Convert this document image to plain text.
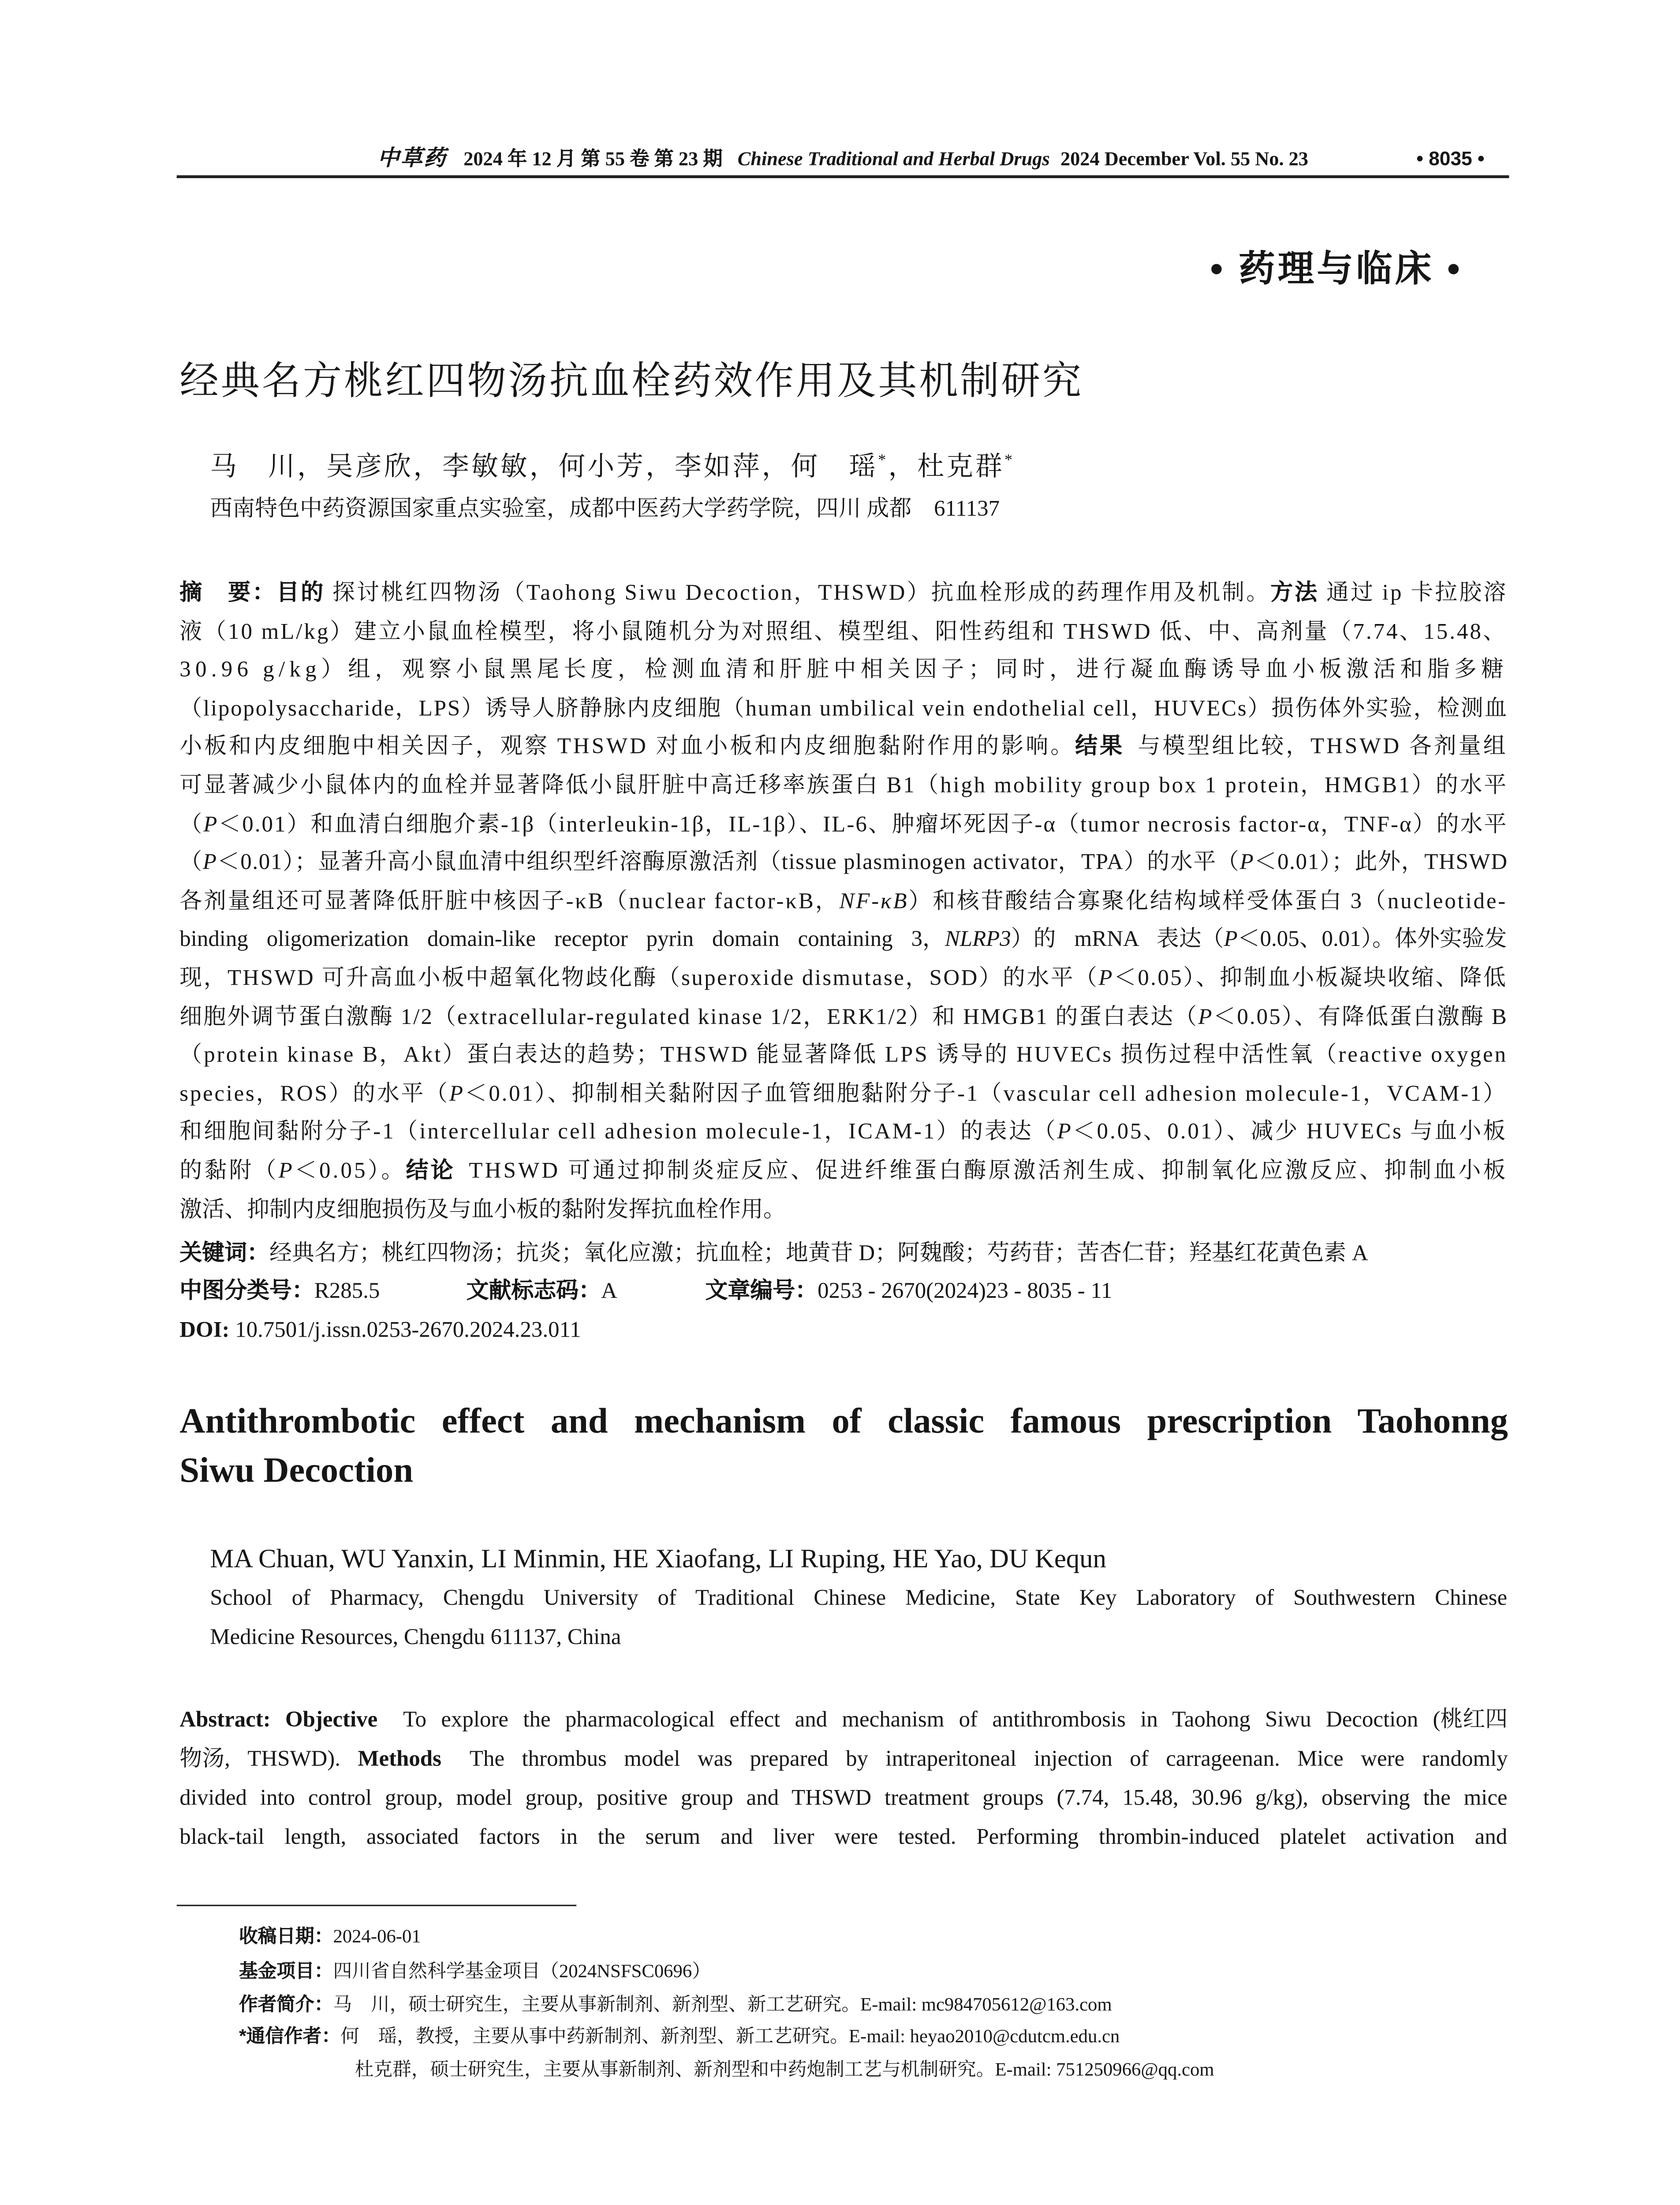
中草药	2024 年 12 月 第 55 卷 第 23 期	Chinese Traditional and Herbal Drugs 2024 December Vol. 55 No. 23	• 8035 •
• 药理与临床 •
经典名方桃红四物汤抗血栓药效作用及其机制研究
马　川，吴彦欣，李敏敏，何小芳，李如萍，何　瑶*，杜克群*
西南特色中药资源国家重点实验室，成都中医药大学药学院，四川 成都　611137
摘　要：目的 探讨桃红四物汤（Taohong Siwu Decoction，THSWD）抗血栓形成的药理作用及机制。方法 通过 ip 卡拉胶溶
液（10 mL/kg）建立小鼠血栓模型，将小鼠随机分为对照组、模型组、阳性药组和 THSWD 低、中、高剂量（7.74、15.48、
30.96 g/kg）组，观察小鼠黑尾长度，检测血清和肝脏中相关因子；同时，进行凝血酶诱导血小板激活和脂多糖
（lipopolysaccharide，LPS）诱导人脐静脉内皮细胞（human umbilical vein endothelial cell，HUVECs）损伤体外实验，检测血
小板和内皮细胞中相关因子，观察 THSWD 对血小板和内皮细胞黏附作用的影响。结果 与模型组比较，THSWD 各剂量组
可显著减少小鼠体内的血栓并显著降低小鼠肝脏中高迁移率族蛋白 B1（high mobility group box 1 protein，HMGB1）的水平
（P＜0.01）和血清白细胞介素-1β（interleukin-1β，IL-1β）、IL-6、肿瘤坏死因子-α（tumor necrosis factor-α，TNF-α）的水平
（P＜0.01）；显著升高小鼠血清中组织型纤溶酶原激活剂（tissue plasminogen activator，TPA）的水平（P＜0.01）；此外，THSWD
各剂量组还可显著降低肝脏中核因子-κB（nuclear factor-κB，NF-κB）和核苷酸结合寡聚化结构域样受体蛋白 3（nucleotide-
binding oligomerization domain-like receptor pyrin domain containing 3，NLRP3）的 mRNA 表达（P＜0.05、0.01）。体外实验发
现，THSWD 可升高血小板中超氧化物歧化酶（superoxide dismutase，SOD）的水平（P＜0.05）、抑制血小板凝块收缩、降低
细胞外调节蛋白激酶 1/2（extracellular-regulated kinase 1/2，ERK1/2）和 HMGB1 的蛋白表达（P＜0.05）、有降低蛋白激酶 B
（protein kinase B，Akt）蛋白表达的趋势；THSWD 能显著降低 LPS 诱导的 HUVECs 损伤过程中活性氧（reactive oxygen
species，ROS）的水平（P＜0.01）、抑制相关黏附因子血管细胞黏附分子-1（vascular cell adhesion molecule-1，VCAM-1）
和细胞间黏附分子-1（intercellular cell adhesion molecule-1，ICAM-1）的表达（P＜0.05、0.01）、减少 HUVECs 与血小板
的黏附（P＜0.05）。结论 THSWD 可通过抑制炎症反应、促进纤维蛋白酶原激活剂生成、抑制氧化应激反应、抑制血小板
激活、抑制内皮细胞损伤及与血小板的黏附发挥抗血栓作用。
关键词：经典名方；桃红四物汤；抗炎；氧化应激；抗血栓；地黄苷 D；阿魏酸；芍药苷；苦杏仁苷；羟基红花黄色素 A
中图分类号：R285.5	文献标志码：A	文章编号：0253 - 2670(2024)23 - 8035 - 11
DOI: 10.7501/j.issn.0253-2670.2024.23.011
Antithrombotic effect and mechanism of classic famous prescription Taohonng
Siwu Decoction
MA Chuan, WU Yanxin, LI Minmin, HE Xiaofang, LI Ruping, HE Yao, DU Kequn
School of Pharmacy, Chengdu University of Traditional Chinese Medicine, State Key Laboratory of Southwestern Chinese
Medicine Resources, Chengdu 611137, China
Abstract: Objective  To explore the pharmacological effect and mechanism of antithrombosis in Taohong Siwu Decoction (桃红四
物汤, THSWD). Methods  The thrombus model was prepared by intraperitoneal injection of carrageenan. Mice were randomly
divided into control group, model group, positive group and THSWD treatment groups (7.74, 15.48, 30.96 g/kg), observing the mice
black-tail length, associated factors in the serum and liver were tested. Performing thrombin-induced platelet activation and
收稿日期：2024-06-01
基金项目：四川省自然科学基金项目（2024NSFSC0696）
作者简介：马　川，硕士研究生，主要从事新制剂、新剂型、新工艺研究。E-mail: mc984705612@163.com
*通信作者：何　瑶，教授，主要从事中药新制剂、新剂型、新工艺研究。E-mail: heyao2010@cdutcm.edu.cn
杜克群，硕士研究生，主要从事新制剂、新剂型和中药炮制工艺与机制研究。E-mail: 751250966@qq.com
